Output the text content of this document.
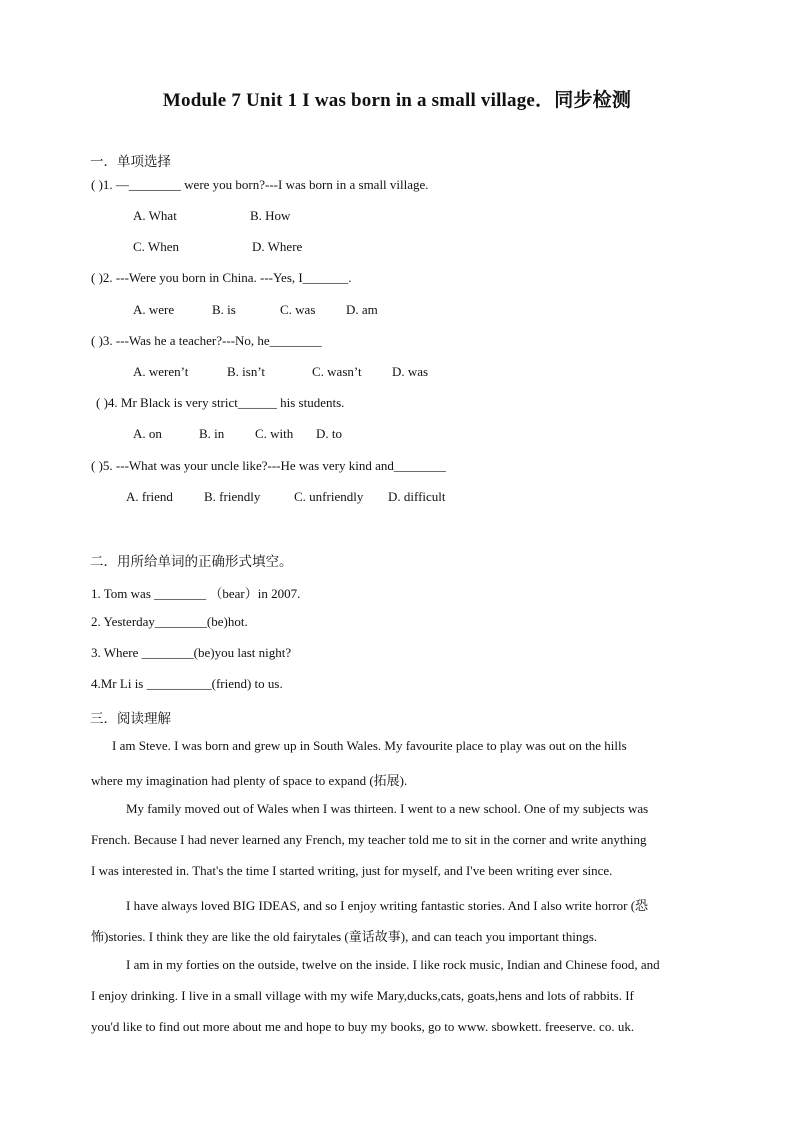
Module 7 Unit 1 I was born in a small village．同步检测
一．单项选择
( )1. —________ were you born?---I was born in a small village.
A. What	B. How
C. When	D. Where
( )2. ---Were you born in China. ---Yes, I_______.
A. were	B. is	C. was D. am
( )3. ---Was he a teacher?---No, he________
A. weren’t	B. isn’t	C. wasn’t D. was
( )4. Mr Black is very strict______ his students.
A. on	B. in C. with D. to
( )5. ---What was your uncle like?---He was very kind and________
A. friend B. friendly	C. unfriendly D. difficult
二．用所给单词的正确形式填空。
1. Tom was ________ （bear）in 2007.
2. Yesterday________(be)hot.
3. Where ________(be)you last night?
4.Mr Li is __________(friend) to us.
三．阅读理解
I am Steve. I was born and grew up in South Wales. My favourite place to play was out on the hills
where my imagination had plenty of space to expand (拓展).
My family moved out of Wales when I was thirteen. I went to a new school. One of my subjects was
French. Because I had never learned any French, my teacher told me to sit in the corner and write anything
I was interested in. That's the time I started writing, just for myself, and I've been writing ever since.
I have always loved BIG IDEAS, and so I enjoy writing fantastic stories. And I also write horror (恐
怖)stories. I think they are like the old fairytales (童话故事), and can teach you important things.
I am in my forties on the outside, twelve on the inside. I like rock music, Indian and Chinese food, and
I enjoy drinking. I live in a small village with my wife Mary,ducks,cats, goats,hens and lots of rabbits. If
you'd like to find out more about me and hope to buy my books, go to www. sbowkett. freeserve. co. uk.
